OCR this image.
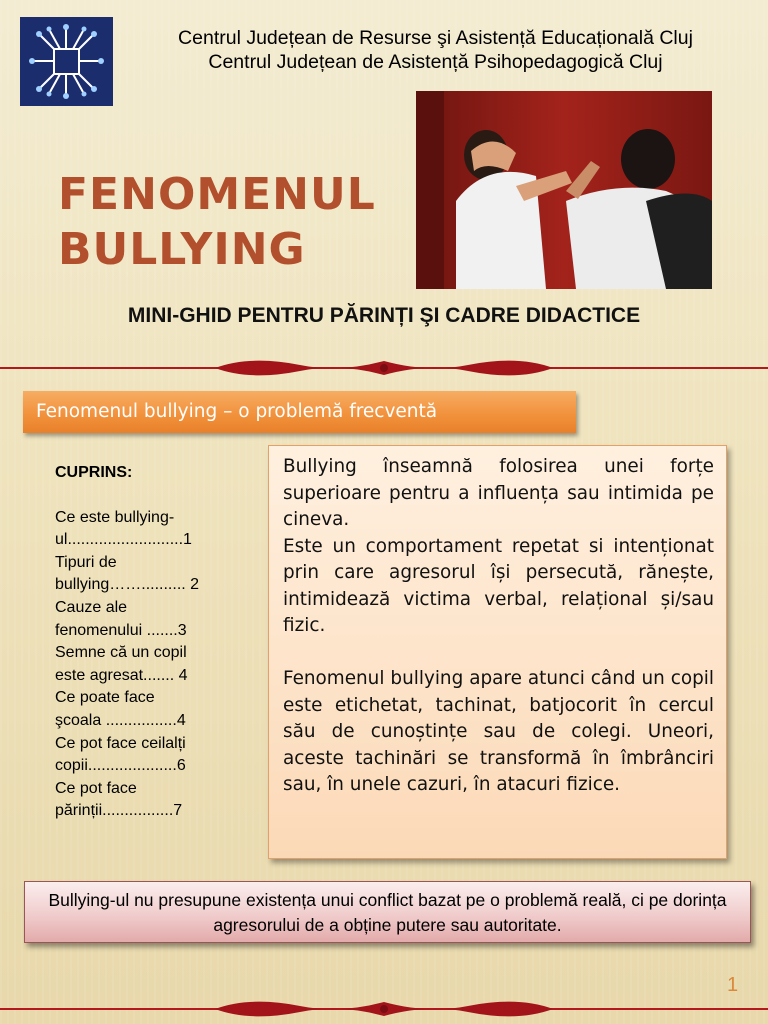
Centrul Județean de Resurse şi Asistență Educațională Cluj
Centrul Județean de Asistență Psihopedagogică Cluj
FENOMENUL
BULLYING
MINI-GHID PENTRU PĂRINȚI ŞI CADRE DIDACTICE
Fenomenul bullying – o problemă frecventă
CUPRINS:
Ce este bullying-
ul..........................1
Tipuri de
bullying…….......... 2
Cauze ale
fenomenului .......3
Semne că un copil
este agresat....... 4
Ce poate face
şcoala ................4
Ce pot face ceilalți
copii....................6
Ce pot face
părinții................7

Bullying înseamnă folosirea unei forțe superioare pentru a influența sau intimida pe cineva.

Este un comportament repetat si intenționat prin care agresorul își persecută, rănește, intimidează victima verbal, relațional și/sau fizic.

Fenomenul bullying apare atunci când un copil este etichetat, tachinat, batjocorit în cercul său de cunoștințe sau de colegi. Uneori, aceste tachinări se transformă în îmbrânciri sau, în unele cazuri, în atacuri fizice.

Bullying-ul nu presupune existența unui conflict bazat pe o problemă reală, ci pe dorința agresorului de a obține putere sau autoritate.
1
